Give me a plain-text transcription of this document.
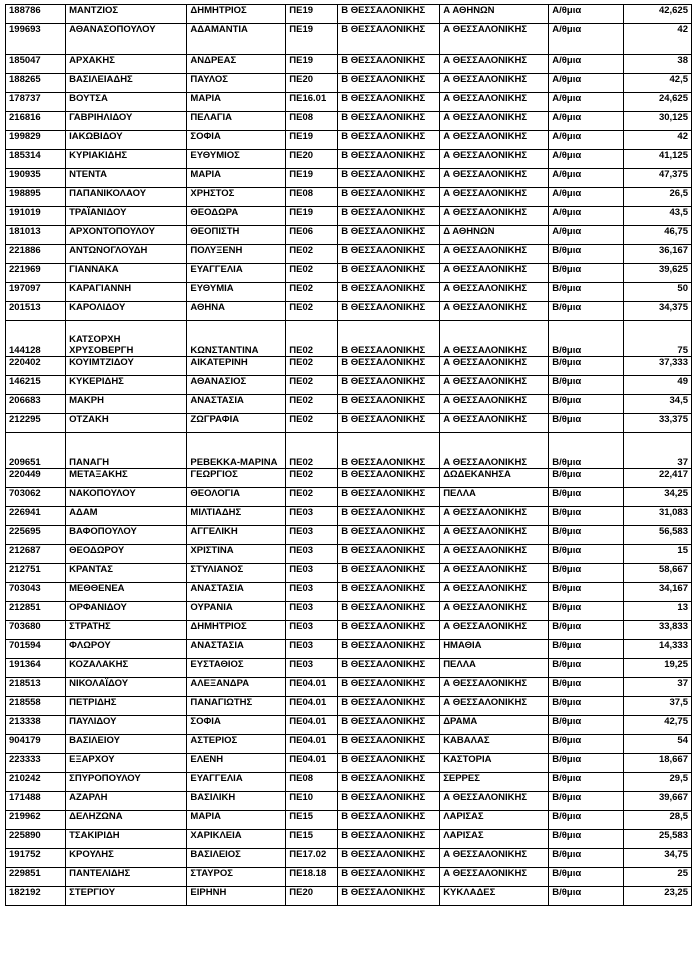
188786	ΜΑΝΤΖΙΟΣ	ΔΗΜΗΤΡΙΟΣ	ΠΕ19	Β ΘΕΣΣΑΛΟΝΙΚΗΣ	Α ΑΘΗΝΩΝ	Α/θμια	42,625
199693	ΑΘΑΝΑΣΟΠΟΥΛΟΥ	ΑΔΑΜΑΝΤΙΑ	ΠΕ19	Β ΘΕΣΣΑΛΟΝΙΚΗΣ	Α ΘΕΣΣΑΛΟΝΙΚΗΣ	Α/θμια	42
185047	ΑΡΧΑΚΗΣ	ΑΝΔΡΕΑΣ	ΠΕ19	Β ΘΕΣΣΑΛΟΝΙΚΗΣ	Α ΘΕΣΣΑΛΟΝΙΚΗΣ	Α/θμια	38
188265	ΒΑΣΙΛΕΙΑΔΗΣ	ΠΑΥΛΟΣ	ΠΕ20	Β ΘΕΣΣΑΛΟΝΙΚΗΣ	Α ΘΕΣΣΑΛΟΝΙΚΗΣ	Α/θμια	42,5
178737	ΒΟΥΤΣΑ	ΜΑΡΙΑ	ΠΕ16.01	Β ΘΕΣΣΑΛΟΝΙΚΗΣ	Α ΘΕΣΣΑΛΟΝΙΚΗΣ	Α/θμια	24,625
216816	ΓΑΒΡΙΗΛΙΔΟΥ	ΠΕΛΑΓΙΑ	ΠΕ08	Β ΘΕΣΣΑΛΟΝΙΚΗΣ	Α ΘΕΣΣΑΛΟΝΙΚΗΣ	Α/θμια	30,125
199829	ΙΑΚΩΒΙΔΟΥ	ΣΟΦΙΑ	ΠΕ19	Β ΘΕΣΣΑΛΟΝΙΚΗΣ	Α ΘΕΣΣΑΛΟΝΙΚΗΣ	Α/θμια	42
185314	ΚΥΡΙΑΚΙΔΗΣ	ΕΥΘΥΜΙΟΣ	ΠΕ20	Β ΘΕΣΣΑΛΟΝΙΚΗΣ	Α ΘΕΣΣΑΛΟΝΙΚΗΣ	Α/θμια	41,125
190935	ΝΤΕΝΤΑ	ΜΑΡΙΑ	ΠΕ19	Β ΘΕΣΣΑΛΟΝΙΚΗΣ	Α ΘΕΣΣΑΛΟΝΙΚΗΣ	Α/θμια	47,375
198895	ΠΑΠΑΝΙΚΟΛΑΟΥ	ΧΡΗΣΤΟΣ	ΠΕ08	Β ΘΕΣΣΑΛΟΝΙΚΗΣ	Α ΘΕΣΣΑΛΟΝΙΚΗΣ	Α/θμια	26,5
191019	ΤΡΑΪΑΝΙΔΟΥ	ΘΕΟΔΩΡΑ	ΠΕ19	Β ΘΕΣΣΑΛΟΝΙΚΗΣ	Α ΘΕΣΣΑΛΟΝΙΚΗΣ	Α/θμια	43,5
181013	ΑΡΧΟΝΤΟΠΟΥΛΟΥ	ΘΕΟΠΙΣΤΗ	ΠΕ06	Β ΘΕΣΣΑΛΟΝΙΚΗΣ	Δ ΑΘΗΝΩΝ	Α/θμια	46,75
221886	ΑΝΤΩΝΟΓΛΟΥΔΗ	ΠΟΛΥΞΕΝΗ	ΠΕ02	Β ΘΕΣΣΑΛΟΝΙΚΗΣ	Α ΘΕΣΣΑΛΟΝΙΚΗΣ	Β/θμια	36,167
221969	ΓΙΑΝΝΑΚΑ	ΕΥΑΓΓΕΛΙΑ	ΠΕ02	Β ΘΕΣΣΑΛΟΝΙΚΗΣ	Α ΘΕΣΣΑΛΟΝΙΚΗΣ	Β/θμια	39,625
197097	ΚΑΡΑΓΙΑΝΝΗ	ΕΥΘΥΜΙΑ	ΠΕ02	Β ΘΕΣΣΑΛΟΝΙΚΗΣ	Α ΘΕΣΣΑΛΟΝΙΚΗΣ	Β/θμια	50
201513	ΚΑΡΟΛΙΔΟΥ	ΑΘΗΝΑ	ΠΕ02	Β ΘΕΣΣΑΛΟΝΙΚΗΣ	Α ΘΕΣΣΑΛΟΝΙΚΗΣ	Β/θμια	34,375
144128	ΚΑΤΣΟΡΧΗ ΧΡΥΣΟΒΕΡΓΗ	ΚΩΝΣΤΑΝΤΙΝΑ	ΠΕ02	Β ΘΕΣΣΑΛΟΝΙΚΗΣ	Α ΘΕΣΣΑΛΟΝΙΚΗΣ	Β/θμια	75
220402	ΚΟΥΙΜΤΖΙΔΟΥ	ΑΙΚΑΤΕΡΙΝΗ	ΠΕ02	Β ΘΕΣΣΑΛΟΝΙΚΗΣ	Α ΘΕΣΣΑΛΟΝΙΚΗΣ	Β/θμια	37,333
146215	ΚΥΚΕΡΙΔΗΣ	ΑΘΑΝΑΣΙΟΣ	ΠΕ02	Β ΘΕΣΣΑΛΟΝΙΚΗΣ	Α ΘΕΣΣΑΛΟΝΙΚΗΣ	Β/θμια	49
206683	ΜΑΚΡΗ	ΑΝΑΣΤΑΣΙΑ	ΠΕ02	Β ΘΕΣΣΑΛΟΝΙΚΗΣ	Α ΘΕΣΣΑΛΟΝΙΚΗΣ	Β/θμια	34,5
212295	ΟΤΖΑΚΗ	ΖΩΓΡΑΦΙΑ	ΠΕ02	Β ΘΕΣΣΑΛΟΝΙΚΗΣ	Α ΘΕΣΣΑΛΟΝΙΚΗΣ	Β/θμια	33,375
209651	ΠΑΝΑΓΗ	ΡΕΒΕΚΚΑ-ΜΑΡΙΝΑ	ΠΕ02	Β ΘΕΣΣΑΛΟΝΙΚΗΣ	Α ΘΕΣΣΑΛΟΝΙΚΗΣ	Β/θμια	37
220449	ΜΕΤΑΞΑΚΗΣ	ΓΕΩΡΓΙΟΣ	ΠΕ02	Β ΘΕΣΣΑΛΟΝΙΚΗΣ	ΔΩΔΕΚΑΝΗΣΑ	Β/θμια	22,417
703062	ΝΑΚΟΠΟΥΛΟΥ	ΘΕΟΛΟΓΙΑ	ΠΕ02	Β ΘΕΣΣΑΛΟΝΙΚΗΣ	ΠΕΛΛΑ	Β/θμια	34,25
226941	ΑΔΑΜ	ΜΙΛΤΙΑΔΗΣ	ΠΕ03	Β ΘΕΣΣΑΛΟΝΙΚΗΣ	Α ΘΕΣΣΑΛΟΝΙΚΗΣ	Β/θμια	31,083
225695	ΒΑΦΟΠΟΥΛΟΥ	ΑΓΓΕΛΙΚΗ	ΠΕ03	Β ΘΕΣΣΑΛΟΝΙΚΗΣ	Α ΘΕΣΣΑΛΟΝΙΚΗΣ	Β/θμια	56,583
212687	ΘΕΟΔΩΡΟΥ	ΧΡΙΣΤΙΝΑ	ΠΕ03	Β ΘΕΣΣΑΛΟΝΙΚΗΣ	Α ΘΕΣΣΑΛΟΝΙΚΗΣ	Β/θμια	15
212751	ΚΡΑΝΤΑΣ	ΣΤΥΛΙΑΝΟΣ	ΠΕ03	Β ΘΕΣΣΑΛΟΝΙΚΗΣ	Α ΘΕΣΣΑΛΟΝΙΚΗΣ	Β/θμια	58,667
703043	ΜΕΘΘΕΝΕΑ	ΑΝΑΣΤΑΣΙΑ	ΠΕ03	Β ΘΕΣΣΑΛΟΝΙΚΗΣ	Α ΘΕΣΣΑΛΟΝΙΚΗΣ	Β/θμια	34,167
212851	ΟΡΦΑΝΙΔΟΥ	ΟΥΡΑΝΙΑ	ΠΕ03	Β ΘΕΣΣΑΛΟΝΙΚΗΣ	Α ΘΕΣΣΑΛΟΝΙΚΗΣ	Β/θμια	13
703680	ΣΤΡΑΤΗΣ	ΔΗΜΗΤΡΙΟΣ	ΠΕ03	Β ΘΕΣΣΑΛΟΝΙΚΗΣ	Α ΘΕΣΣΑΛΟΝΙΚΗΣ	Β/θμια	33,833
701594	ΦΛΩΡΟΥ	ΑΝΑΣΤΑΣΙΑ	ΠΕ03	Β ΘΕΣΣΑΛΟΝΙΚΗΣ	ΗΜΑΘΙΑ	Β/θμια	14,333
191364	ΚΟΖΑΛΑΚΗΣ	ΕΥΣΤΑΘΙΟΣ	ΠΕ03	Β ΘΕΣΣΑΛΟΝΙΚΗΣ	ΠΕΛΛΑ	Β/θμια	19,25
218513	ΝΙΚΟΛΑΪΔΟΥ	ΑΛΕΞΑΝΔΡΑ	ΠΕ04.01	Β ΘΕΣΣΑΛΟΝΙΚΗΣ	Α ΘΕΣΣΑΛΟΝΙΚΗΣ	Β/θμια	37
218558	ΠΕΤΡΙΔΗΣ	ΠΑΝΑΓΙΩΤΗΣ	ΠΕ04.01	Β ΘΕΣΣΑΛΟΝΙΚΗΣ	Α ΘΕΣΣΑΛΟΝΙΚΗΣ	Β/θμια	37,5
213338	ΠΑΥΛΙΔΟΥ	ΣΟΦΙΑ	ΠΕ04.01	Β ΘΕΣΣΑΛΟΝΙΚΗΣ	ΔΡΑΜΑ	Β/θμια	42,75
904179	ΒΑΣΙΛΕΙΟΥ	ΑΣΤΕΡΙΟΣ	ΠΕ04.01	Β ΘΕΣΣΑΛΟΝΙΚΗΣ	ΚΑΒΑΛΑΣ	Β/θμια	54
223333	ΕΞΑΡΧΟΥ	ΕΛΕΝΗ	ΠΕ04.01	Β ΘΕΣΣΑΛΟΝΙΚΗΣ	ΚΑΣΤΟΡΙΑ	Β/θμια	18,667
210242	ΣΠΥΡΟΠΟΥΛΟΥ	ΕΥΑΓΓΕΛΙΑ	ΠΕ08	Β ΘΕΣΣΑΛΟΝΙΚΗΣ	ΣΕΡΡΕΣ	Β/θμια	29,5
171488	ΑΖΑΡΛΗ	ΒΑΣΙΛΙΚΗ	ΠΕ10	Β ΘΕΣΣΑΛΟΝΙΚΗΣ	Α ΘΕΣΣΑΛΟΝΙΚΗΣ	Β/θμια	39,667
219962	ΔΕΛΗΖΩΝΑ	ΜΑΡΙΑ	ΠΕ15	Β ΘΕΣΣΑΛΟΝΙΚΗΣ	ΛΑΡΙΣΑΣ	Β/θμια	28,5
225890	ΤΣΑΚΙΡΙΔΗ	ΧΑΡΙΚΛΕΙΑ	ΠΕ15	Β ΘΕΣΣΑΛΟΝΙΚΗΣ	ΛΑΡΙΣΑΣ	Β/θμια	25,583
191752	ΚΡΟΥΛΗΣ	ΒΑΣΙΛΕΙΟΣ	ΠΕ17.02	Β ΘΕΣΣΑΛΟΝΙΚΗΣ	Α ΘΕΣΣΑΛΟΝΙΚΗΣ	Β/θμια	34,75
229851	ΠΑΝΤΕΛΙΔΗΣ	ΣΤΑΥΡΟΣ	ΠΕ18.18	Β ΘΕΣΣΑΛΟΝΙΚΗΣ	Α ΘΕΣΣΑΛΟΝΙΚΗΣ	Β/θμια	25
182192	ΣΤΕΡΓΙΟΥ	ΕΙΡΗΝΗ	ΠΕ20	Β ΘΕΣΣΑΛΟΝΙΚΗΣ	ΚΥΚΛΑΔΕΣ	Β/θμια	23,25
